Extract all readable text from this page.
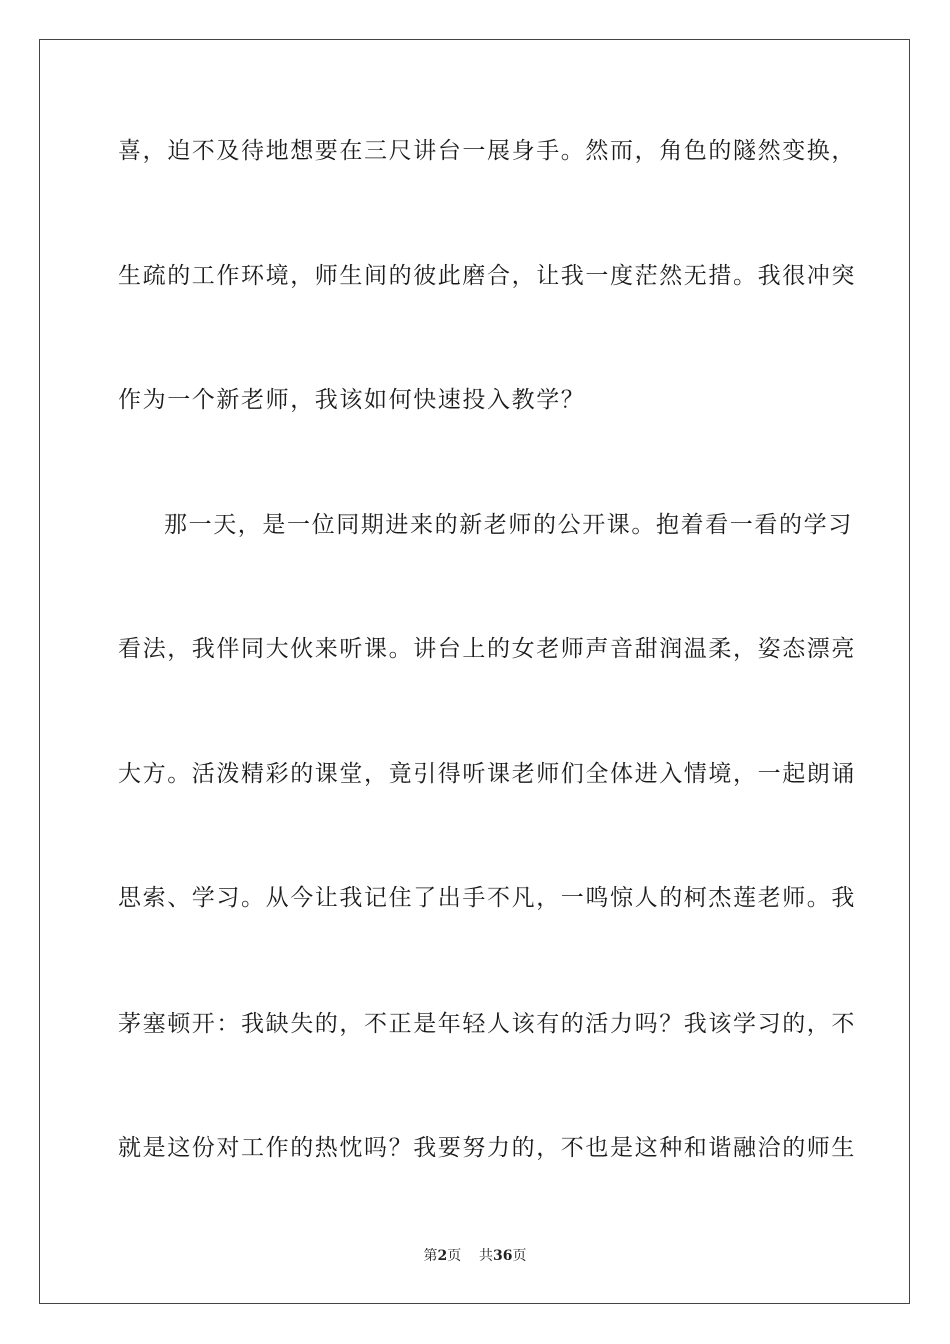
喜，迫不及待地想要在三尺讲台一展身手。然而，角色的隧然变换，
生疏的工作环境，师生间的彼此磨合，让我一度茫然无措。我很冲突
作为一个新老师，我该如何快速投入教学？
那一天，是一位同期进来的新老师的公开课。抱着看一看的学习
看法，我伴同大伙来听课。讲台上的女老师声音甜润温柔，姿态漂亮
大方。活泼精彩的课堂，竟引得听课老师们全体进入情境，一起朗诵
思索、学习。从今让我记住了出手不凡，一鸣惊人的柯杰莲老师。我
茅塞顿开：我缺失的，不正是年轻人该有的活力吗？我该学习的，不
就是这份对工作的热忱吗？我要努力的，不也是这种和谐融洽的师生
第2页 共36页
